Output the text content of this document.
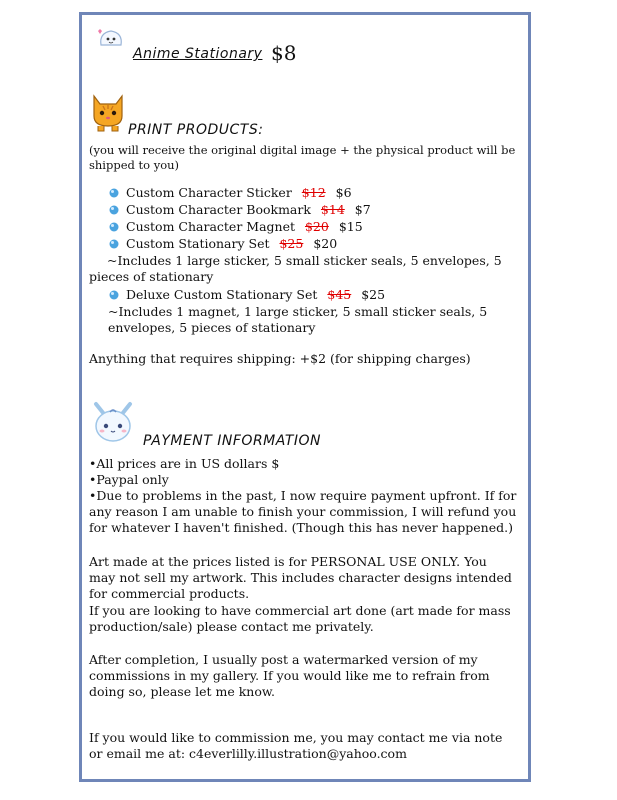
Anime Stationary $8
PRINT PRODUCTS:
(you will receive the original digital image + the physical product will be shipped to you)
Custom Character Sticker $12 $6
Custom Character Bookmark $14 $7
Custom Character Magnet $20 $15
Custom Stationary Set $25 $20
~Includes 1 large sticker, 5 small sticker seals, 5 envelopes, 5 pieces of stationary
Deluxe Custom Stationary Set $45 $25
~Includes 1 magnet, 1 large sticker, 5 small sticker seals, 5 envelopes, 5 pieces of stationary
Anything that requires shipping: +$2 (for shipping charges)
PAYMENT INFORMATION
•All prices are in US dollars $
•Paypal only
•Due to problems in the past, I now require payment upfront. If for any reason I am unable to finish your commission, I will refund you for whatever I haven't finished. (Though this has never happened.)
Art made at the prices listed is for PERSONAL USE ONLY. You may not sell my artwork. This includes character designs intended for commercial products.
If you are looking to have commercial art done (art made for mass production/sale) please contact me privately.
After completion, I usually post a watermarked version of my commissions in my gallery. If you would like me to refrain from doing so, please let me know.
If you would like to commission me, you may contact me via note or email me at: c4everlilly.illustration@yahoo.com
